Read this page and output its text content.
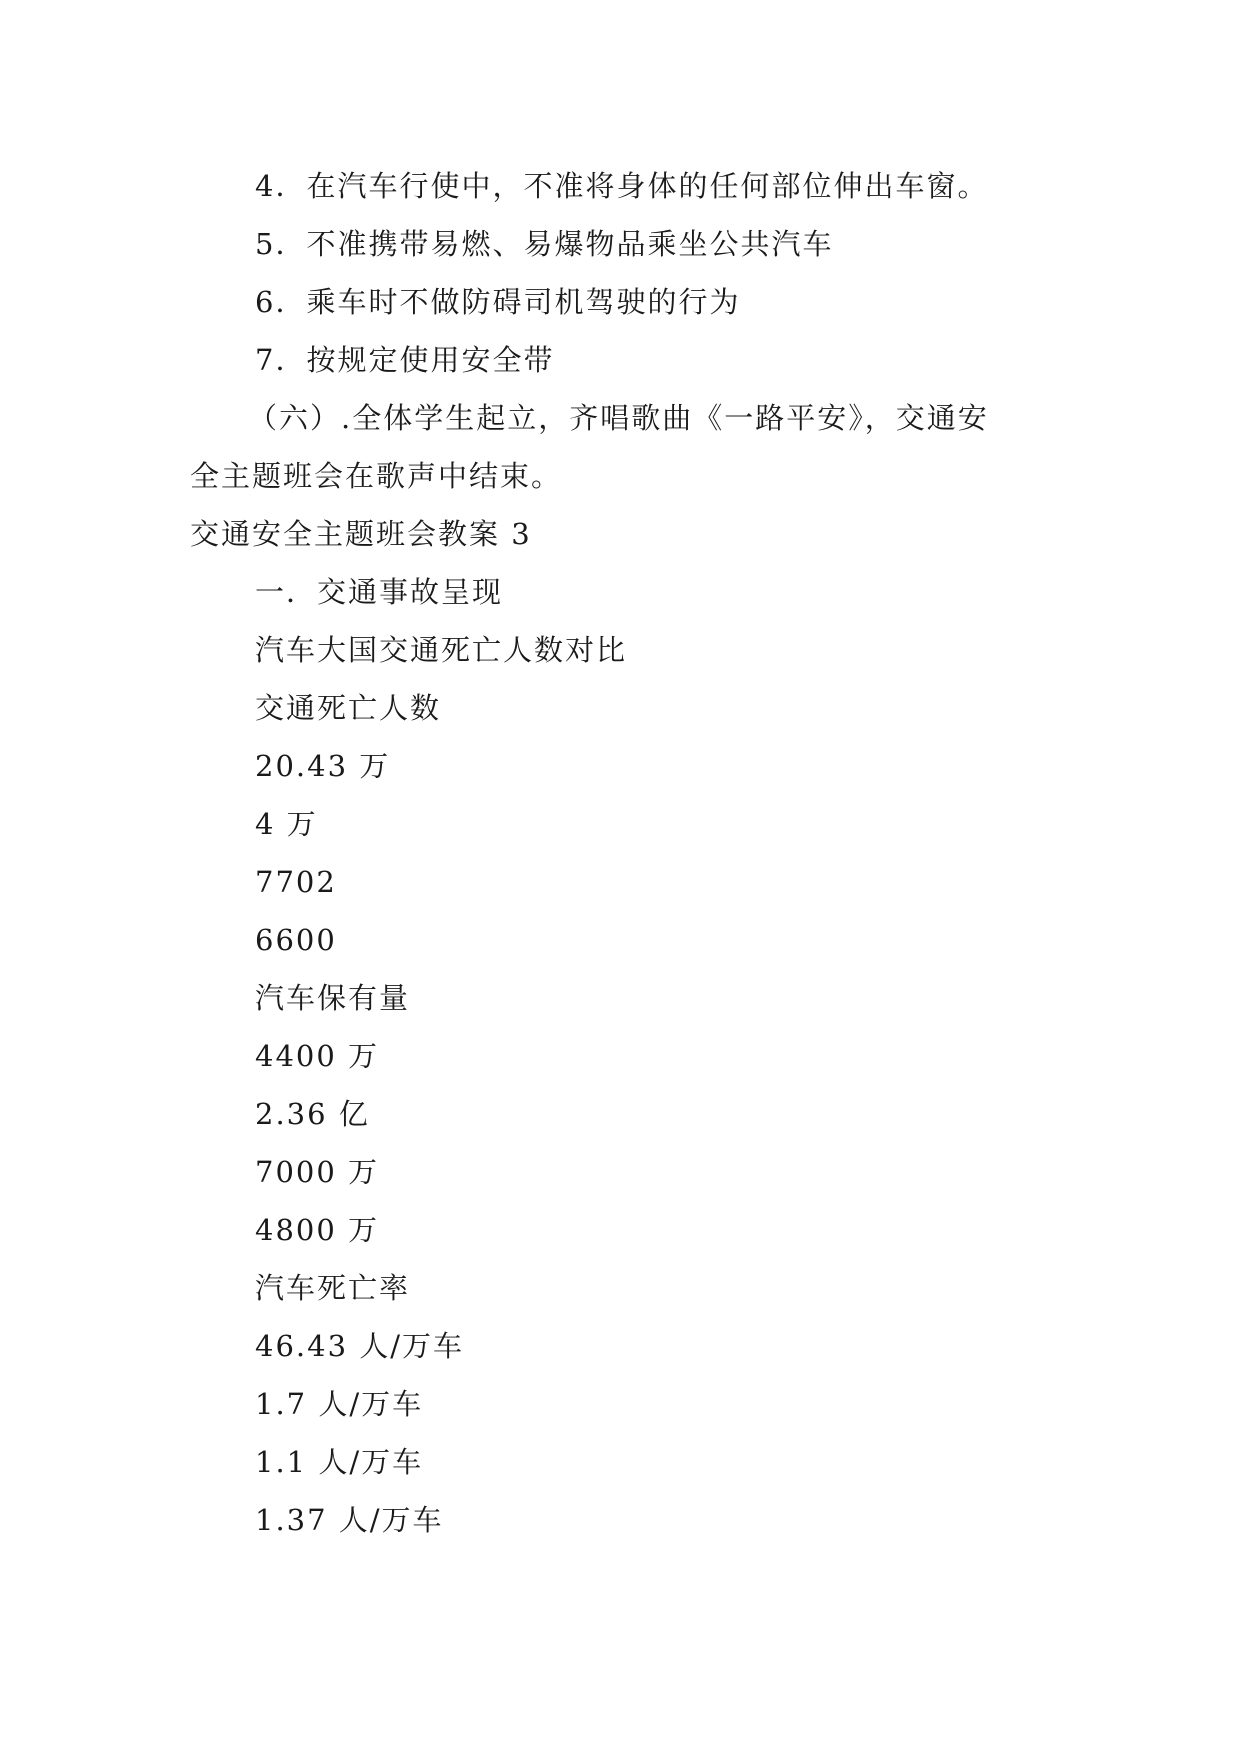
4．在汽车行使中，不准将身体的任何部位伸出车窗。
5．不准携带易燃、易爆物品乘坐公共汽车
6．乘车时不做防碍司机驾驶的行为
7．按规定使用安全带
（六）.全体学生起立，齐唱歌曲《一路平安》，交通安
全主题班会在歌声中结束。
交通安全主题班会教案 3
一．交通事故呈现
汽车大国交通死亡人数对比
交通死亡人数
20.43 万
4 万
7702
6600
汽车保有量
4400 万
2.36 亿
7000 万
4800 万
汽车死亡率
46.43 人/万车
1.7 人/万车
1.1 人/万车
1.37 人/万车
